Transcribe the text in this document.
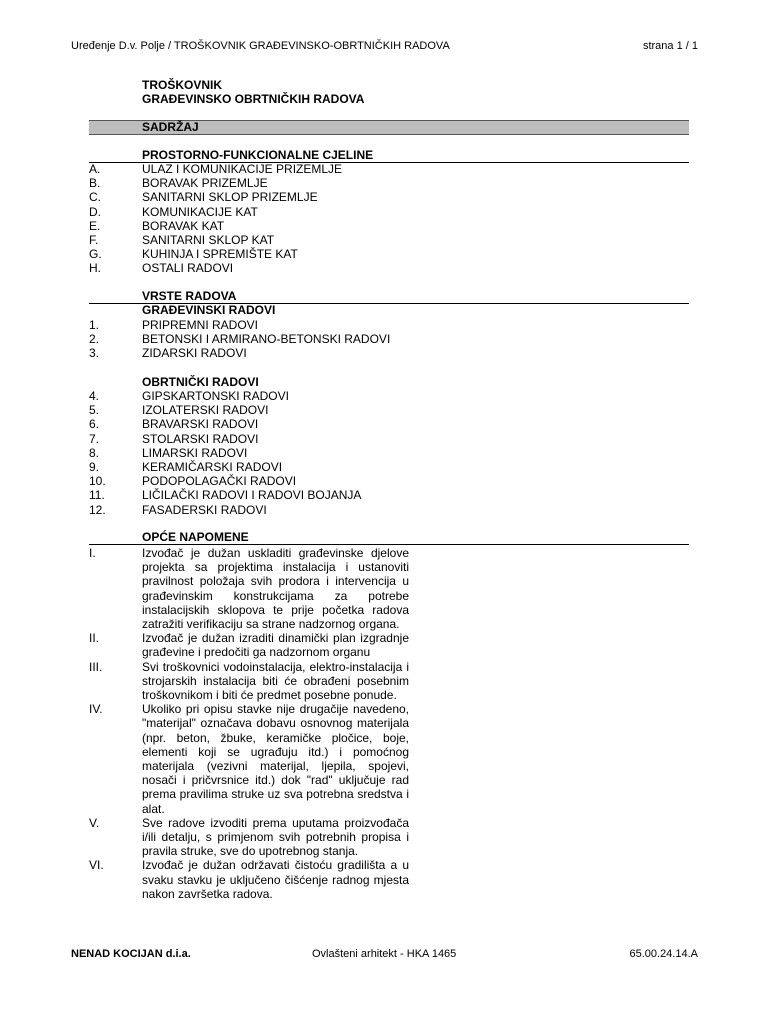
Uređenje D.v. Polje / TROŠKOVNIK GRAĐEVINSKO-OBRTNIČKIH RADOVA	strana 1 / 1
TROŠKOVNIK
GRAĐEVINSKO OBRTNIČKIH RADOVA
SADRŽAJ
PROSTORNO-FUNKCIONALNE CJELINE
A.	ULAZ I KOMUNIKACIJE PRIZEMLJE
B.	BORAVAK PRIZEMLJE
C.	SANITARNI SKLOP PRIZEMLJE
D.	KOMUNIKACIJE KAT
E.	BORAVAK KAT
F.	SANITARNI SKLOP KAT
G.	KUHINJA I SPREMIŠTE KAT
H.	OSTALI RADOVI
VRSTE RADOVA
GRAĐEVINSKI RADOVI
1.	PRIPREMNI RADOVI
2.	BETONSKI I ARMIRANO-BETONSKI RADOVI
3.	ZIDARSKI RADOVI
OBRTNIČKI RADOVI
4.	GIPSKARTONSKI RADOVI
5.	IZOLATERSKI RADOVI
6.	BRAVARSKI RADOVI
7.	STOLARSKI RADOVI
8.	LIMARSKI RADOVI
9.	KERAMIČARSKI RADOVI
10.	PODOPOLAGAČKI RADOVI
11.	LIČILAČKI RADOVI I RADOVI BOJANJA
12.	FASADERSKI RADOVI
OPĆE NAPOMENE
I.	Izvođač je dužan uskladiti građevinske djelove projekta sa projektima instalacija i ustanoviti pravilnost položaja svih prodora i intervencija u građevinskim konstrukcijama za potrebe instalacijskih sklopova te prije početka radova zatražiti verifikaciju sa strane nadzornog organa.
II.	Izvođač je dužan izraditi dinamički plan izgradnje građevine i predočiti ga nadzornom organu
III.	Svi troškovnici vodoinstalacija, elektro-instalacija i strojarskih instalacija biti će obrađeni posebnim troškovnikom i biti će predmet posebne ponude.
IV.	Ukoliko pri opisu stavke nije drugačije navedeno, "materijal" označava dobavu osnovnog materijala (npr. beton, žbuke, keramičke pločice, boje, elementi koji se ugrađuju itd.) i pomoćnog materijala (vezivni materijal, ljepila, spojevi, nosači i pričvrsnice itd.) dok "rad" uključuje rad prema pravilima struke uz sva potrebna sredstva i alat.
V.	Sve radove izvoditi prema uputama proizvođača i/ili detalju, s primjenom svih potrebnih propisa i pravila struke, sve do upotrebnog stanja.
VI.	Izvođač je dužan održavati čistoću gradilišta a u svaku stavku je uključeno čišćenje radnog mjesta nakon završetka radova.
NENAD KOCIJAN d.i.a.	Ovlašteni arhitekt - HKA 1465	65.00.24.14.A
